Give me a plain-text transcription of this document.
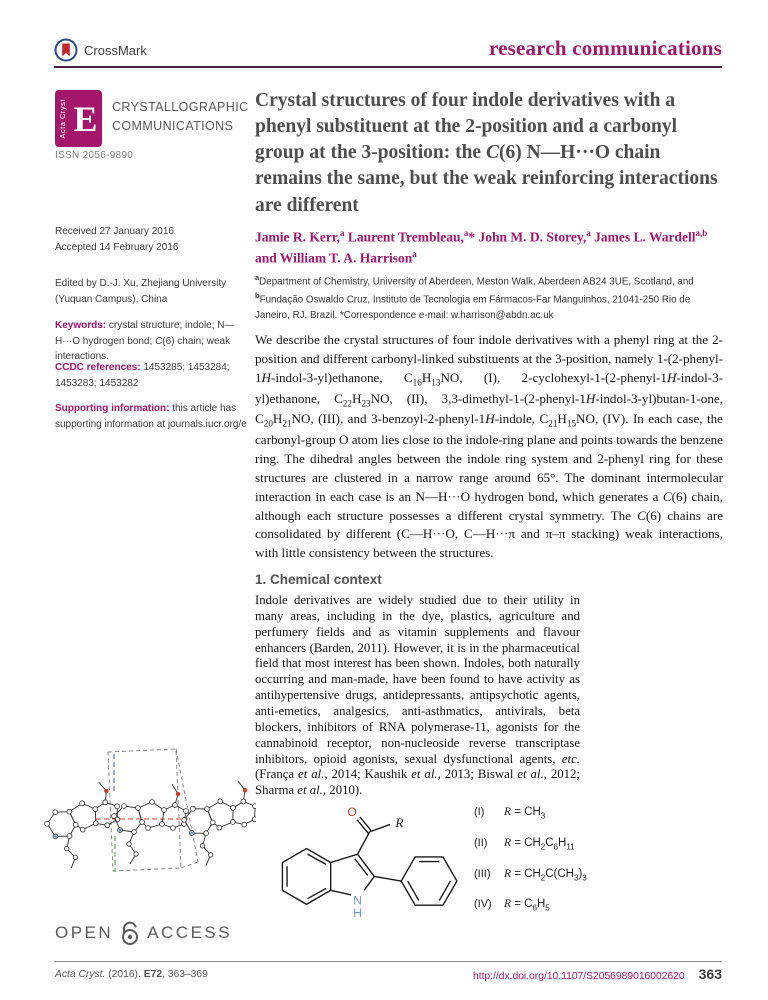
CrossMark	research communications
Acta Cryst E	CRYSTALLOGRAPHIC
COMMUNICATIONS
ISSN 2056-9890
Received 27 January 2016
Accepted 14 February 2016
Edited by D.-J. Xu, Zhejiang University (Yuquan Campus), China
Keywords: crystal structure; indole; N—H···O hydrogen bond; C(6) chain; weak interactions.
CCDC references: 1453285; 1453284; 1453283; 1453282
Supporting information: this article has supporting information at journals.iucr.org/e
Crystal structures of four indole derivatives with a phenyl substituent at the 2-position and a carbonyl group at the 3-position: the C(6) N—H···O chain remains the same, but the weak reinforcing interactions are different
Jamie R. Kerr,$^a$ Laurent Trembleau,$^a$* John M. D. Storey,$^a$ James L. Wardell$^{a,b}$ and William T. A. Harrison$^a$
$^a$Department of Chemistry, University of Aberdeen, Meston Walk, Aberdeen AB24 3UE, Scotland, and $^b$Fundação Oswaldo Cruz, Instituto de Tecnologia em Fármacos-Far Manguinhos, 21041-250 Rio de Janeiro, RJ, Brazil. *Correspondence e-mail: w.harrison@abdn.ac.uk
We describe the crystal structures of four indole derivatives with a phenyl ring at the 2-position and different carbonyl-linked substituents at the 3-position, namely 1-(2-phenyl-1H-indol-3-yl)ethanone, $C_{16}H_{13}NO$, (I), 2-cyclohexyl-1-(2-phenyl-1H-indol-3-yl)ethanone, $C_{22}H_{23}NO$, (II), 3,3-dimethyl-1-(2-phenyl-1H-indol-3-yl)butan-1-one, $C_{20}H_{21}NO$, (III), and 3-benzoyl-2-phenyl-1H-indole, $C_{21}H_{15}NO$, (IV). In each case, the carbonyl-group O atom lies close to the indole-ring plane and points towards the benzene ring. The dihedral angles between the indole ring system and 2-phenyl ring for these structures are clustered in a narrow range around 65°. The dominant intermolecular interaction in each case is an N—H···O hydrogen bond, which generates a C(6) chain, although each structure possesses a different crystal symmetry. The C(6) chains are consolidated by different (C—H···O, C—H···π and π–π stacking) weak interactions, with little consistency between the structures.
1. Chemical context
Indole derivatives are widely studied due to their utility in many areas, including in the dye, plastics, agriculture and perfumery fields and as vitamin supplements and flavour enhancers (Barden, 2011). However, it is in the pharmaceutical field that most interest has been shown. Indoles, both naturally occurring and man-made, have been found to have activity as antihypertensive drugs, antidepressants, antipsychotic agents, anti-emetics, analgesics, anti-asthmatics, antivirals, beta blockers, inhibitors of RNA polymerase-11, agonists for the cannabinoid receptor, non-nucleoside reverse transcriptase inhibitors, opioid agonists, sexual dysfunctional agents, etc. (França et al., 2014; Kaushik et al., 2013; Biswal et al., 2012; Sharma et al., 2010).
O
R
N
H
(I)	$R = CH_3$
(II)	$R = CH_2C_6H_{11}$
(III)	$R = CH_2C(CH_3)_3$
(IV)	$R = C_6H_5$
OPEN ACCESS
Acta Cryst. (2016). E72, 363–369	http://dx.doi.org/10.1107/S2056989016002620 363
